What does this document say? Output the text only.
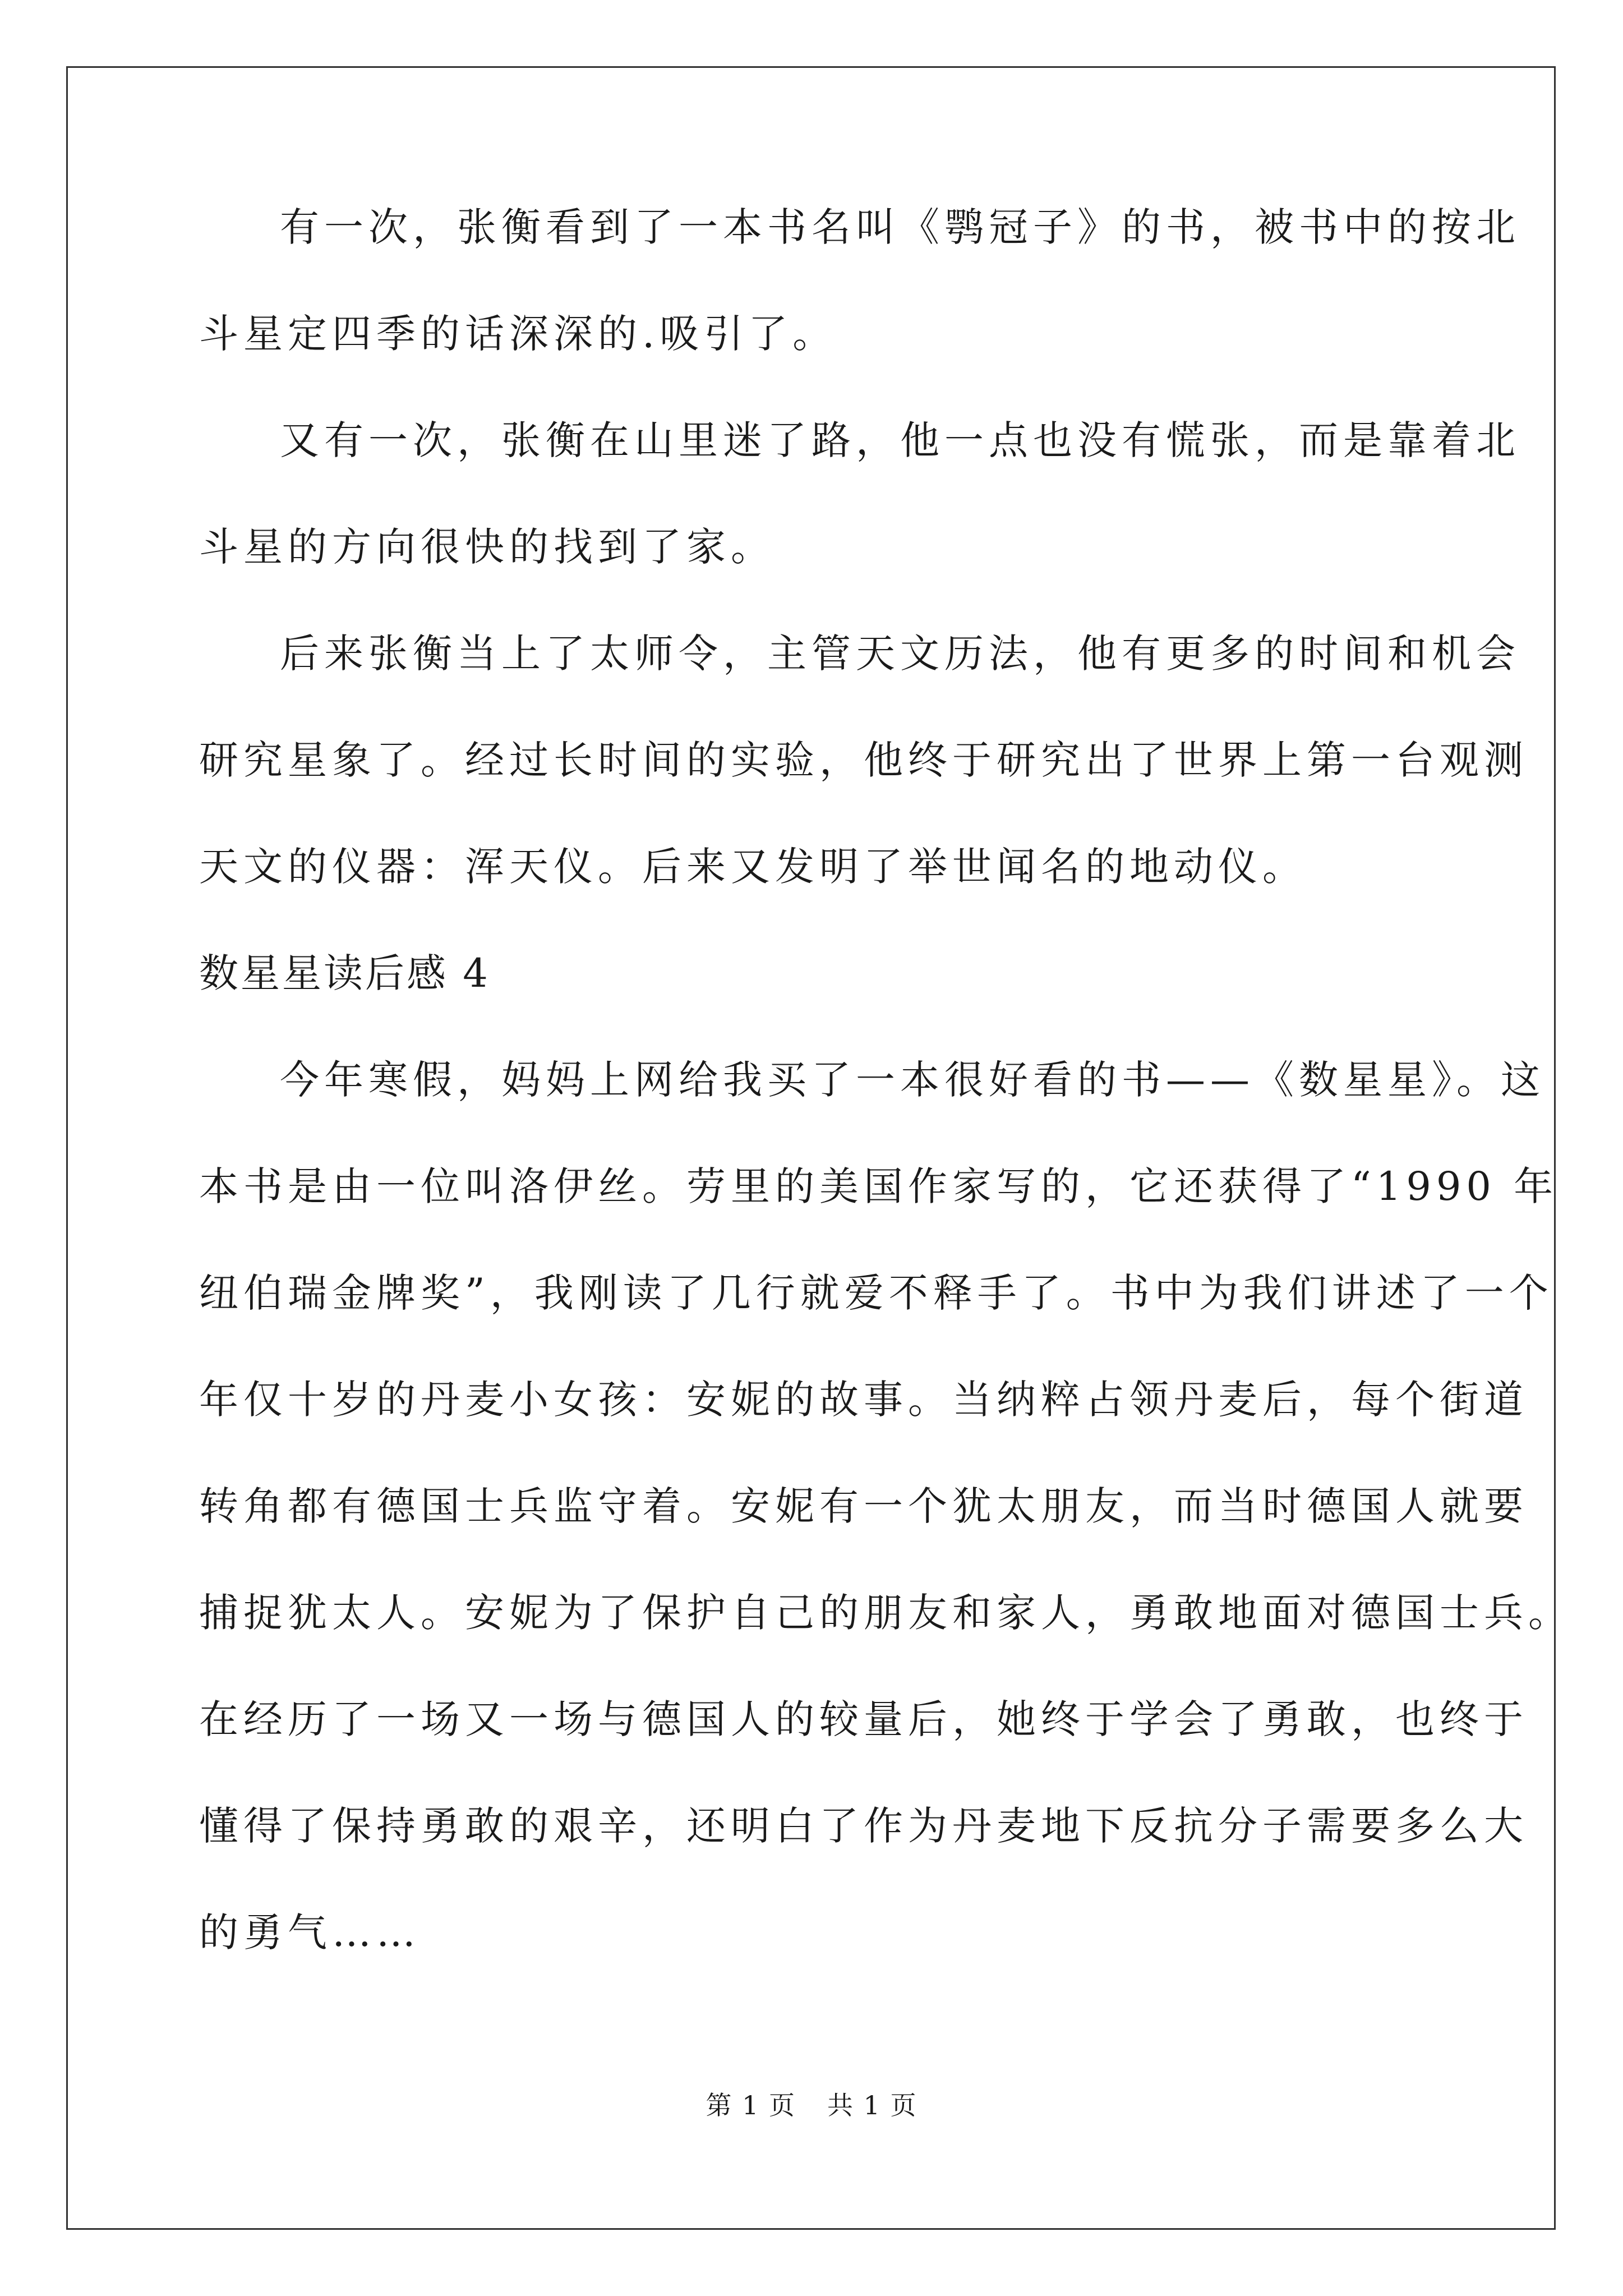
有一次，张衡看到了一本书名叫《鹗冠子》的书，被书中的按北
斗星定四季的话深深的.吸引了。
又有一次，张衡在山里迷了路，他一点也没有慌张，而是靠着北
斗星的方向很快的找到了家。
后来张衡当上了太师令，主管天文历法，他有更多的时间和机会
研究星象了。经过长时间的实验，他终于研究出了世界上第一台观测
天文的仪器：浑天仪。后来又发明了举世闻名的地动仪。
数星星读后感 4
今年寒假，妈妈上网给我买了一本很好看的书——《数星星》。这
本书是由一位叫洛伊丝。劳里的美国作家写的，它还获得了“1990 年
纽伯瑞金牌奖”，我刚读了几行就爱不释手了。书中为我们讲述了一个
年仅十岁的丹麦小女孩：安妮的故事。当纳粹占领丹麦后，每个街道
转角都有德国士兵监守着。安妮有一个犹太朋友，而当时德国人就要
捕捉犹太人。安妮为了保护自己的朋友和家人，勇敢地面对德国士兵。
在经历了一场又一场与德国人的较量后，她终于学会了勇敢，也终于
懂得了保持勇敢的艰辛，还明白了作为丹麦地下反抗分子需要多么大
的勇气……
第 1 页 共 1 页
